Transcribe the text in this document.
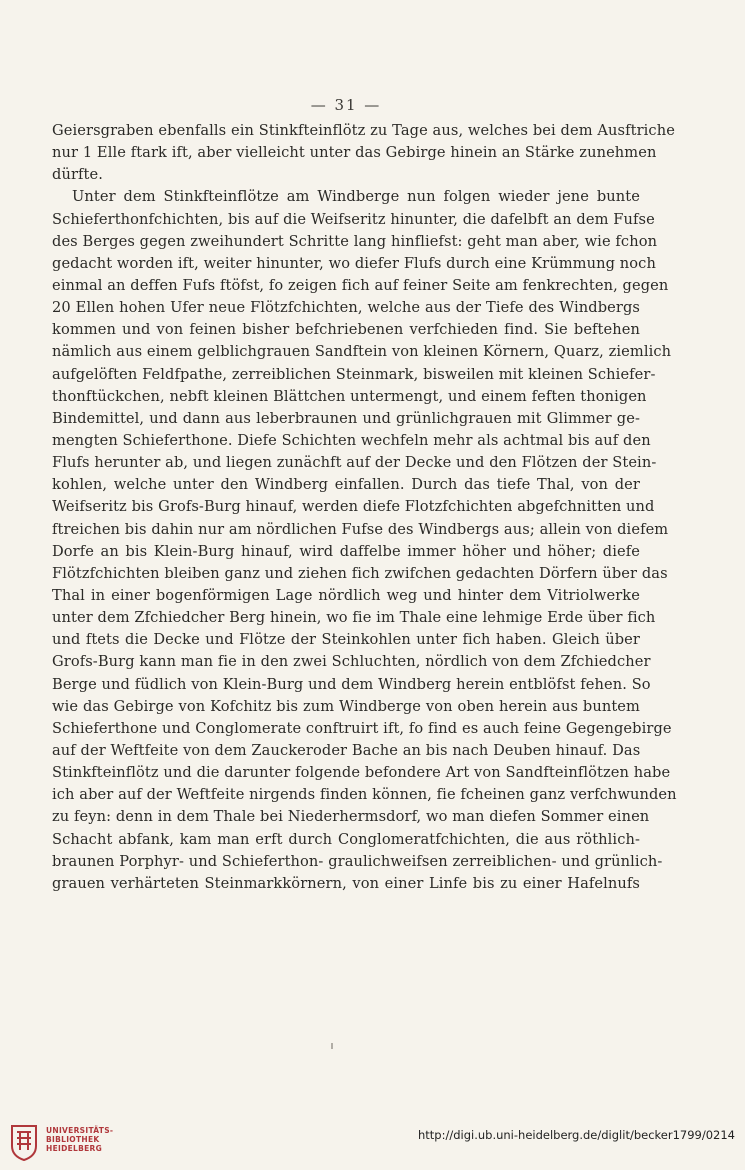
— 31 —
Geiersgraben ebenfalls ein Stinkfteinflötz zu Tage aus, welches bei dem Ausftriche
nur 1 Elle ftark ift, aber vielleicht unter das Gebirge hinein an Stärke zunehmen
dürfte.
Unter dem Stinkfteinflötze am Windberge nun folgen wieder jene bunte
Schieferthonfchichten, bis auf die Weifseritz hinunter, die dafelbft an dem Fufse
des Berges gegen zweihundert Schritte lang hinfliefst: geht man aber, wie fchon
gedacht worden ift, weiter hinunter, wo diefer Flufs durch eine Krümmung noch
einmal an deffen Fufs ftöfst, fo zeigen fich auf feiner Seite am fenkrechten, gegen
20 Ellen hohen Ufer neue Flötzfchichten, welche aus der Tiefe des Windbergs
kommen und von feinen bisher befchriebenen verfchieden find. Sie beftehen
nämlich aus einem gelblichgrauen Sandftein von kleinen Körnern, Quarz, ziemlich
aufgelöften Feldfpathe, zerreiblichen Steinmark, bisweilen mit kleinen Schiefer-
thonftückchen, nebft kleinen Blättchen untermengt, und einem feften thonigen
Bindemittel, und dann aus leberbraunen und grünlichgrauen mit Glimmer ge-
mengten Schieferthone. Diefe Schichten wechfeln mehr als achtmal bis auf den
Flufs herunter ab, und liegen zunächft auf der Decke und den Flötzen der Stein-
kohlen, welche unter den Windberg einfallen. Durch das tiefe Thal, von der
Weifseritz bis Grofs-Burg hinauf, werden diefe Flotzfchichten abgefchnitten und
ftreichen bis dahin nur am nördlichen Fufse des Windbergs aus; allein von diefem
Dorfe an bis Klein-Burg hinauf, wird daffelbe immer höher und höher; diefe
Flötzfchichten bleiben ganz und ziehen fich zwifchen gedachten Dörfern über das
Thal in einer bogenförmigen Lage nördlich weg und hinter dem Vitriolwerke
unter dem Zfchiedcher Berg hinein, wo fie im Thale eine lehmige Erde über fich
und ftets die Decke und Flötze der Steinkohlen unter fich haben. Gleich über
Grofs-Burg kann man fie in den zwei Schluchten, nördlich von dem Zfchiedcher
Berge und füdlich von Klein-Burg und dem Windberg herein entblöfst fehen. So
wie das Gebirge von Kofchitz bis zum Windberge von oben herein aus buntem
Schieferthone und Conglomerate conftruirt ift, fo find es auch feine Gegengebirge
auf der Weftfeite von dem Zauckeroder Bache an bis nach Deuben hinauf. Das
Stinkfteinflötz und die darunter folgende befondere Art von Sandfteinflötzen habe
ich aber auf der Weftfeite nirgends finden können, fie fcheinen ganz verfchwunden
zu feyn: denn in dem Thale bei Niederhermsdorf, wo man diefen Sommer einen
Schacht abfank, kam man erft durch Conglomeratfchichten, die aus röthlich-
braunen Porphyr- und Schieferthon- graulichweifsen zerreiblichen- und grünlich-
grauen verhärteten Steinmarkkörnern, von einer Linfe bis zu einer Hafelnufs
UNIVERSITÄTS-
BIBLIOTHEK
HEIDELBERG
http://digi.ub.uni-heidelberg.de/diglit/becker1799/0214
